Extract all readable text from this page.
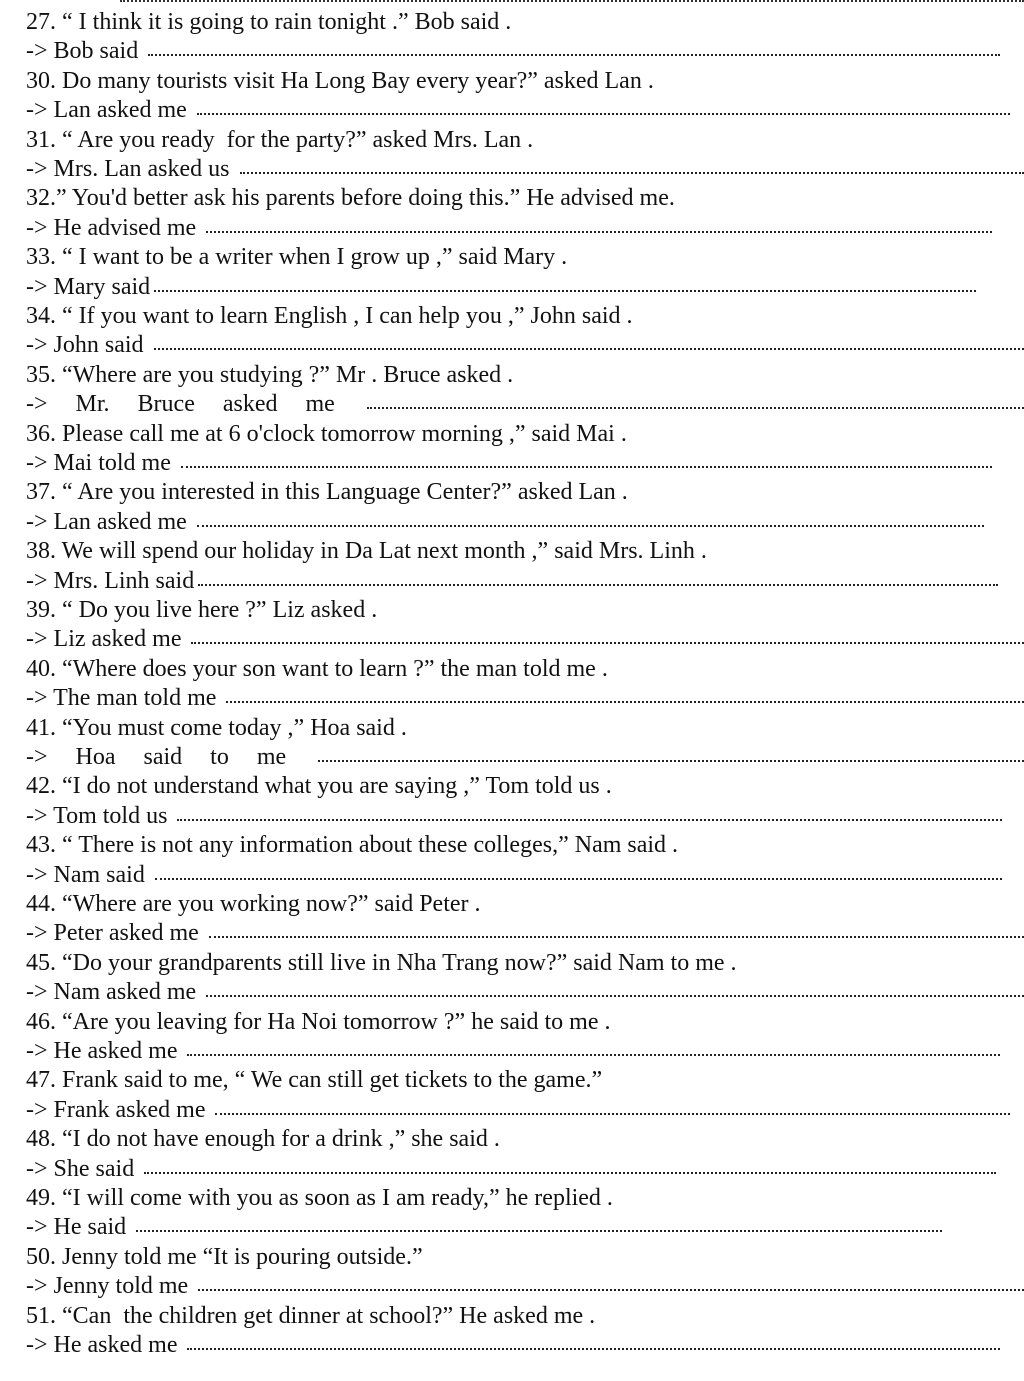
27. “ I think it is going to rain tonight .” Bob said .
-> Bob said
30. Do many tourists visit Ha Long Bay every year?” asked Lan .
-> Lan asked me
31. “ Are you ready  for the party?” asked Mrs. Lan .
-> Mrs. Lan asked us
32.” You'd better ask his parents before doing this.” He advised me.
-> He advised me
33. “ I want to be a writer when I grow up ,” said Mary .
-> Mary said
34. “ If you want to learn English , I can help you ,” John said .
-> John said
35. “Where are you studying ?” Mr . Bruce asked .
->  Mr.  Bruce  asked  me
36. Please call me at 6 o'clock tomorrow morning ,” said Mai .
-> Mai told me
37. “ Are you interested in this Language Center?” asked Lan .
-> Lan asked me
38. We will spend our holiday in Da Lat next month ,” said Mrs. Linh .
-> Mrs. Linh said
39. “ Do you live here ?” Liz asked .
-> Liz asked me
40. “Where does your son want to learn ?” the man told me .
-> The man told me
41. “You must come today ,” Hoa said .
->  Hoa  said  to  me
42. “I do not understand what you are saying ,” Tom told us .
-> Tom told us
43. “ There is not any information about these colleges,” Nam said .
-> Nam said
44. “Where are you working now?” said Peter .
-> Peter asked me
45. “Do your grandparents still live in Nha Trang now?” said Nam to me .
-> Nam asked me
46. “Are you leaving for Ha Noi tomorrow ?” he said to me .
-> He asked me
47. Frank said to me, “ We can still get tickets to the game.”
-> Frank asked me
48. “I do not have enough for a drink ,” she said .
-> She said
49. “I will come with you as soon as I am ready,” he replied .
-> He said
50. Jenny told me “It is pouring outside.”
-> Jenny told me
51. “Can  the children get dinner at school?” He asked me .
-> He asked me
